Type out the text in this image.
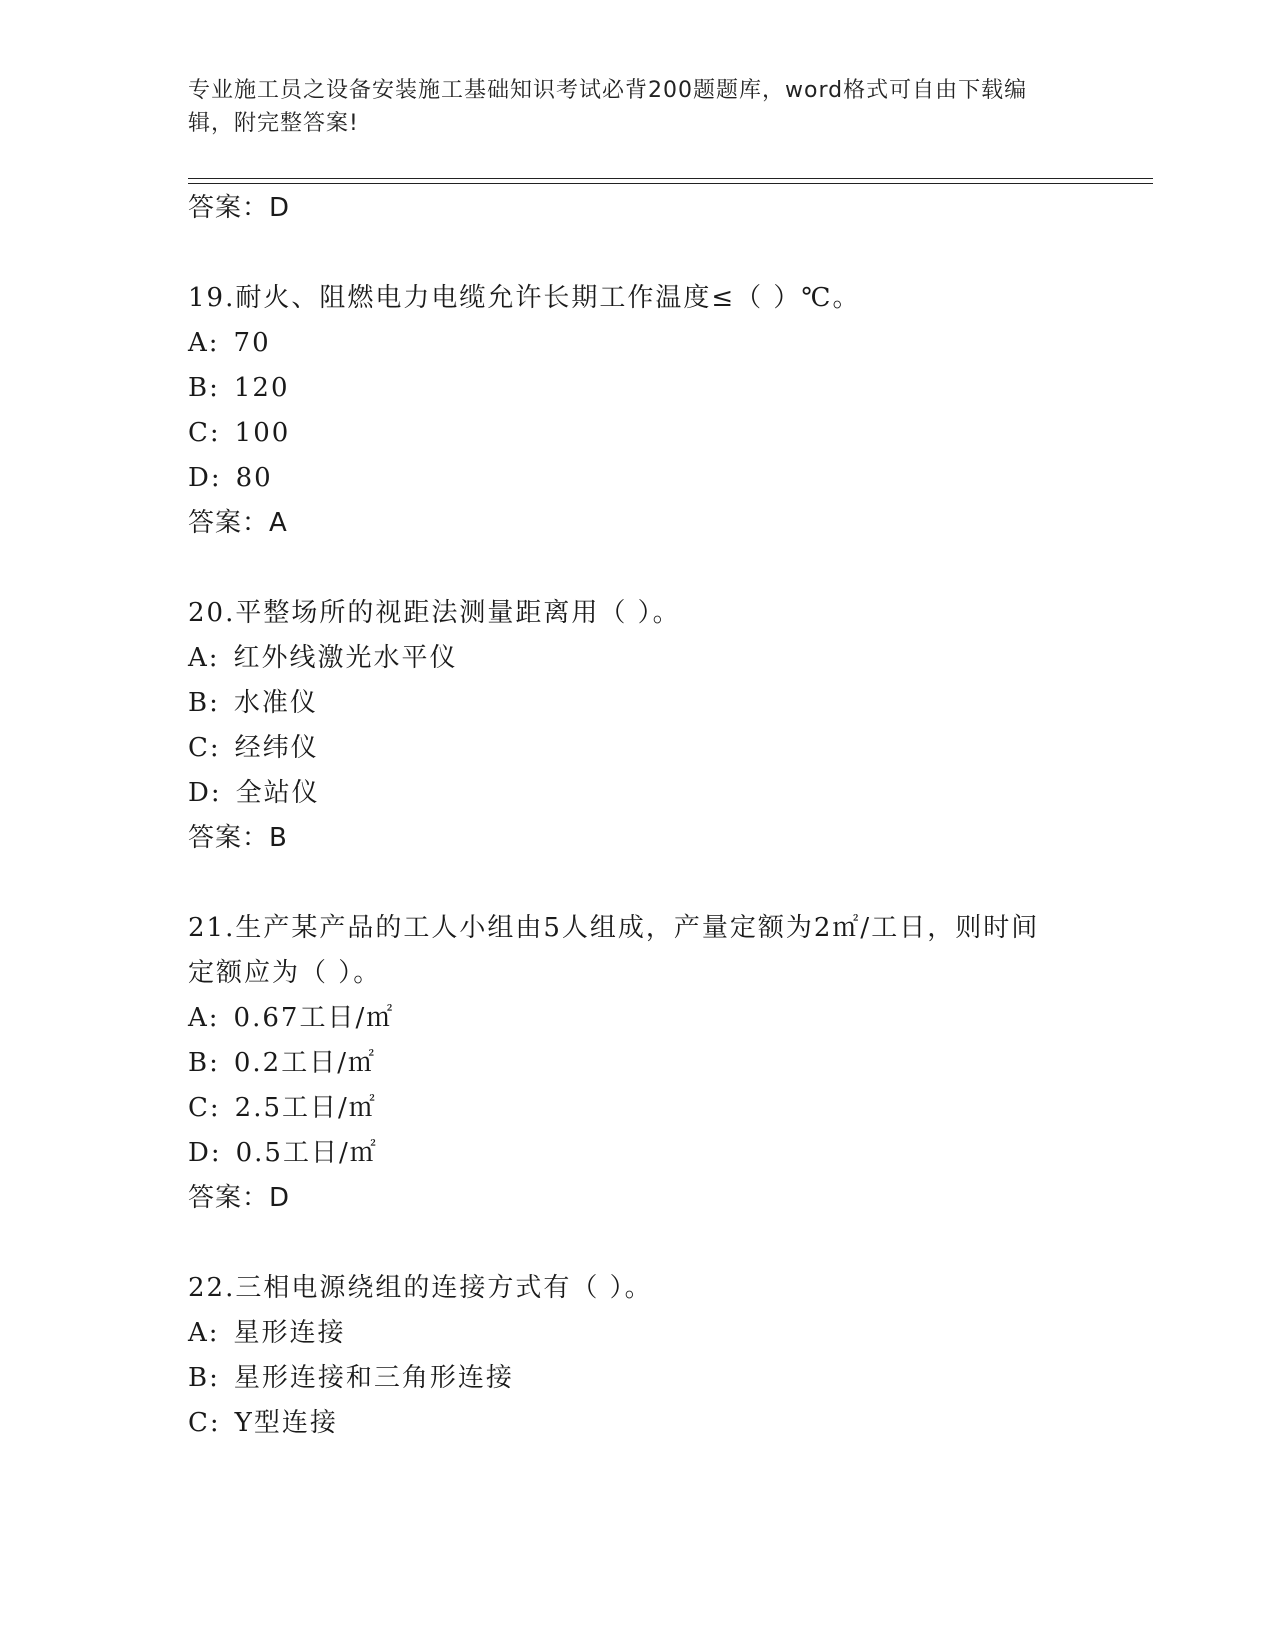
专业施工员之设备安装施工基础知识考试必背200题题库，word格式可自由下载编辑，附完整答案!
答案：D
19.耐火、阻燃电力电缆允许长期工作温度≤（ ）℃。
A: 70
B: 120
C: 100
D: 80
答案：A
20.平整场所的视距法测量距离用（ ）。
A: 红外线激光水平仪
B: 水准仪
C: 经纬仪
D: 全站仪
答案：B
21.生产某产品的工人小组由5人组成，产量定额为2㎡/工日，则时间
定额应为（ ）。
A: 0.67工日/㎡
B: 0.2工日/㎡
C: 2.5工日/㎡
D: 0.5工日/㎡
答案：D
22.三相电源绕组的连接方式有（ ）。
A: 星形连接
B: 星形连接和三角形连接
C: Y型连接
